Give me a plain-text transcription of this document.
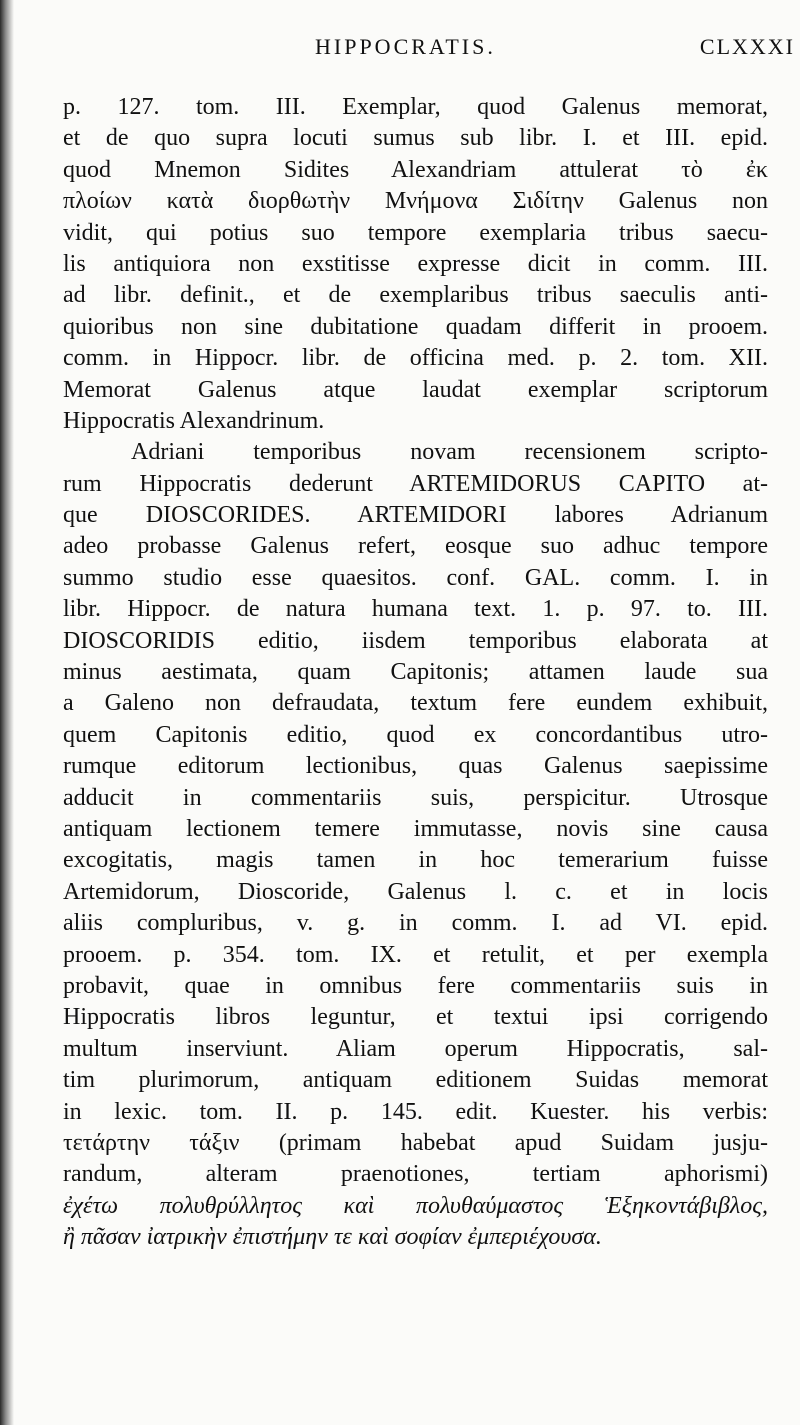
HIPPOCRATIS.	CLXXXI
p. 127. tom. III. Exemplar, quod Galenus memorat,
et de quo supra locuti sumus sub libr. I. et III. epid.
quod Mnemon Sidites Alexandriam attulerat τὸ ἐκ
πλοίων κατὰ διορθωτὴν Μνήμονα Σιδίτην Galenus non
vidit, qui potius suo tempore exemplaria tribus saecu-
lis antiquiora non exstitisse expresse dicit in comm. III.
ad libr. definit., et de exemplaribus tribus saeculis anti-
quioribus non sine dubitatione quadam differit in prooem.
comm. in Hippocr. libr. de officina med. p. 2. tom. XII.
Memorat Galenus atque laudat exemplar scriptorum
Hippocratis Alexandrinum.
Adriani temporibus novam recensionem scripto-
rum Hippocratis dederunt ARTEMIDORUS CAPITO at-
que DIOSCORIDES. ARTEMIDORI labores Adrianum
adeo probasse Galenus refert, eosque suo adhuc tempore
summo studio esse quaesitos. conf. GAL. comm. I. in
libr. Hippocr. de natura humana text. 1. p. 97. to. III.
DIOSCORIDIS editio, iisdem temporibus elaborata at
minus aestimata, quam Capitonis; attamen laude sua
a Galeno non defraudata, textum fere eundem exhibuit,
quem Capitonis editio, quod ex concordantibus utro-
rumque editorum lectionibus, quas Galenus saepissime
adducit in commentariis suis, perspicitur. Utrosque
antiquam lectionem temere immutasse, novis sine causa
excogitatis, magis tamen in hoc temerarium fuisse
Artemidorum, Dioscoride, Galenus l. c. et in locis
aliis compluribus, v. g. in comm. I. ad VI. epid.
prooem. p. 354. tom. IX. et retulit, et per exempla
probavit, quae in omnibus fere commentariis suis in
Hippocratis libros leguntur, et textui ipsi corrigendo
multum inserviunt. Aliam operum Hippocratis, sal-
tim plurimorum, antiquam editionem Suidas memorat
in lexic. tom. II. p. 145. edit. Kuester. his verbis:
τετάρτην τάξιν (primam habebat apud Suidam jusju-
randum, alteram praenotiones, tertiam aphorismi)
ἐχέτω πολυθρύλλητος καὶ πολυθαύμαστος Ἑξηκοντάβιβλος,
ἢ πᾶσαν ἰατρικὴν ἐπιστήμην τε καὶ σοφίαν ἐμπεριέχουσα.
